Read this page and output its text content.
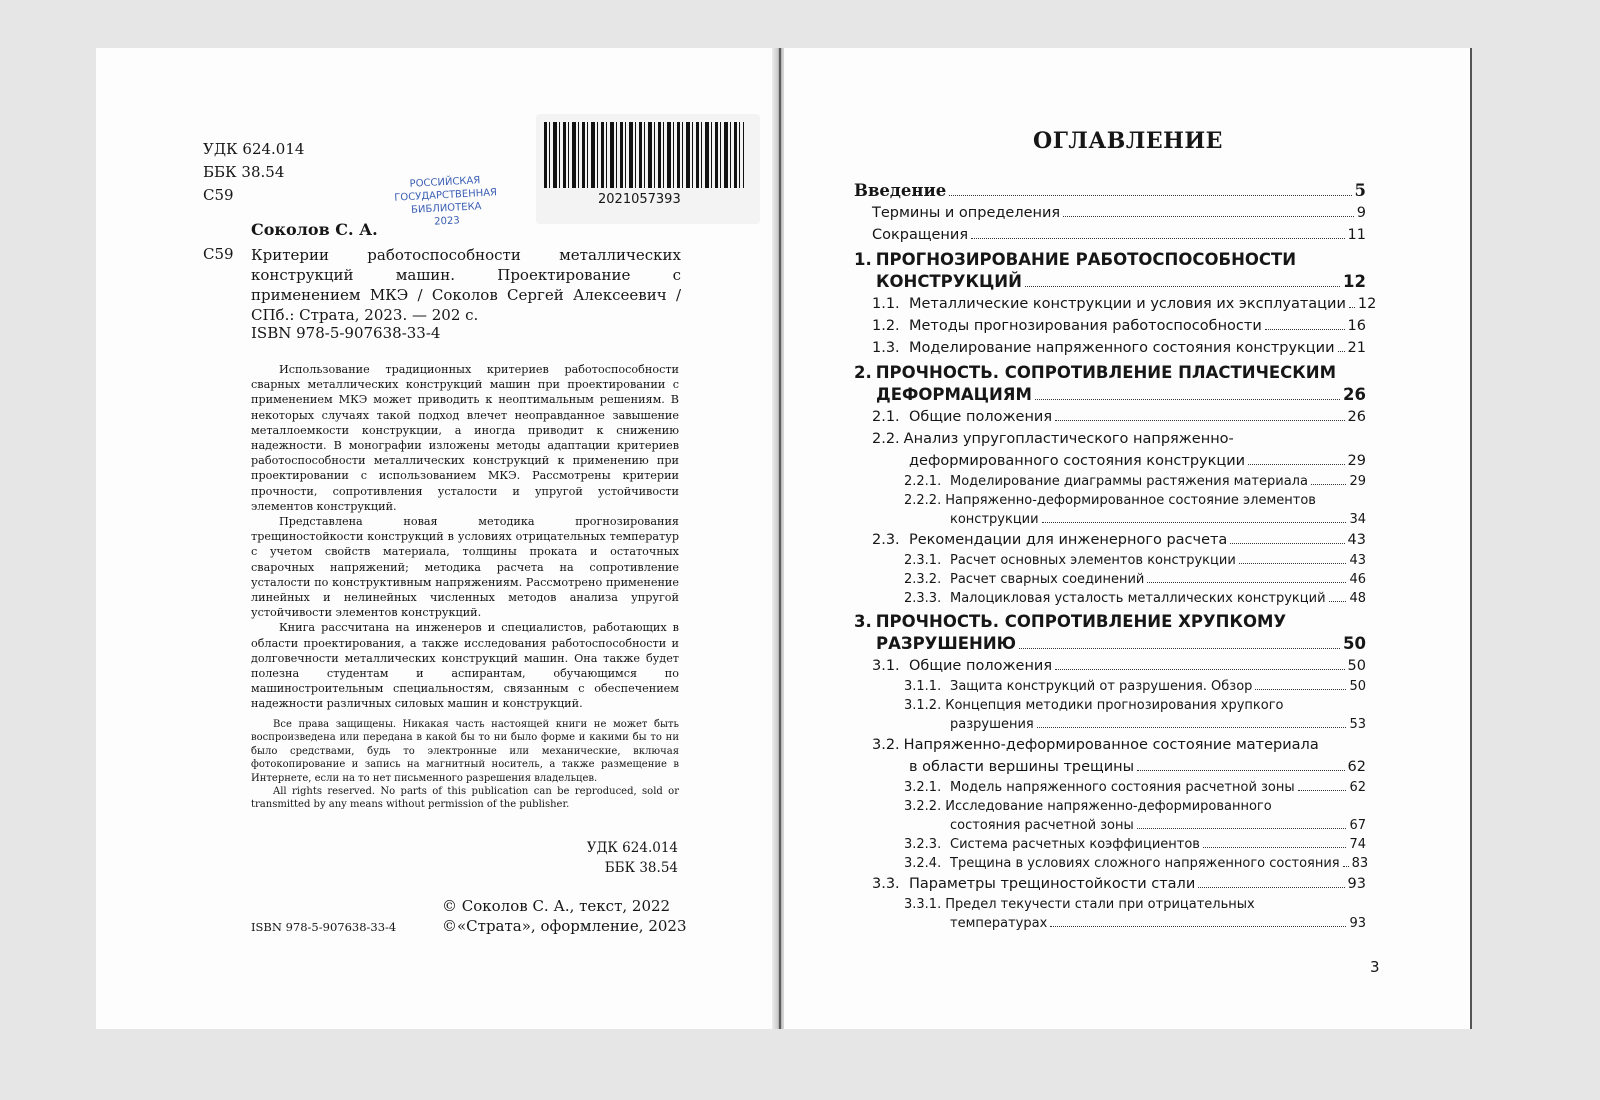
УДК 624.014
ББК 38.54
С59
РОССИЙСКАЯ
ГОСУДАРСТВЕННАЯ
БИБЛИОТЕКА
2023
2021057393
Соколов С. А.
С59 Критерии работоспособности металлических конструкций машин. Проектирование с применением МКЭ / Соколов Сергей Алексеевич / СПб.: Страта, 2023. — 202 с.
ISBN 978-5-907638-33-4

Использование традиционных критериев работоспособности сварных металлических конструкций машин при проектировании с применением МКЭ может приводить к неоптимальным решениям. В некоторых случаях такой подход влечет неоправданное завышение металлоемкости конструкции, а иногда приводит к снижению надежности. В монографии изложены методы адаптации критериев работоспособности металлических конструкций к применению при проектировании с использованием МКЭ. Рассмотрены критерии прочности, сопротивления усталости и упругой устойчивости элементов конструкций.

Представлена новая методика прогнозирования трещиностойкости конструкций в условиях отрицательных температур с учетом свойств материала, толщины проката и остаточных сварочных напряжений; методика расчета на сопротивление усталости по конструктивным напряжениям. Рассмотрено применение линейных и нелинейных численных методов анализа упругой устойчивости элементов конструкций.

Книга рассчитана на инженеров и специалистов, работающих в области проектирования, а также исследования работоспособности и долговечности металлических конструкций машин. Она также будет полезна студентам и аспирантам, обучающимся по машиностроительным специальностям, связанным с обеспечением надежности различных силовых машин и конструкций.

Все права защищены. Никакая часть настоящей книги не может быть воспроизведена или передана в какой бы то ни было форме и какими бы то ни было средствами, будь то электронные или механические, включая фотокопирование и запись на магнитный носитель, а также размещение в Интернете, если на то нет письменного разрешения владельцев.

All rights reserved. No parts of this publication can be reproduced, sold or transmitted by any means without permission of the publisher.

УДК 624.014
ББК 38.54
ISBN 978-5-907638-33-4
© Соколов С. А., текст, 2022
©«Страта», оформление, 2023
ОГЛАВЛЕНИЕ
Введение	5
Термины и определения	9
Сокращения	11
1. ПРОГНОЗИРОВАНИЕ РАБОТОСПОСОБНОСТИ
КОНСТРУКЦИЙ	12
1.1. Металлические конструкции и условия их эксплуатации 12
1.2. Методы прогнозирования работоспособности	16
1.3. Моделирование напряженного состояния конструкции 21
2. ПРОЧНОСТЬ. СОПРОТИВЛЕНИЕ ПЛАСТИЧЕСКИМ
ДЕФОРМАЦИЯМ	26
2.1. Общие положения	26
2.2. Анализ упругопластического напряженно-
деформированного состояния конструкции	29
2.2.1. Моделирование диаграммы растяжения материала	29
2.2.2. Напряженно-деформированное состояние элементов
конструкции	34
2.3. Рекомендации для инженерного расчета	43
2.3.1. Расчет основных элементов конструкции	43
2.3.2. Расчет сварных соединений	46
2.3.3. Малоцикловая усталость металлических конструкций 48
3. ПРОЧНОСТЬ. СОПРОТИВЛЕНИЕ ХРУПКОМУ
РАЗРУШЕНИЮ	50
3.1. Общие положения	50
3.1.1. Защита конструкций от разрушения. Обзор	50
3.1.2. Концепция методики прогнозирования хрупкого
разрушения	53
3.2. Напряженно-деформированное состояние материала
в области вершины трещины	62
3.2.1. Модель напряженного состояния расчетной зоны	62
3.2.2. Исследование напряженно-деформированного
состояния расчетной зоны	67
3.2.3. Система расчетных коэффициентов	74
3.2.4. Трещина в условиях сложного напряженного состояния 83
3.3. Параметры трещиностойкости стали	93
3.3.1. Предел текучести стали при отрицательных
температурах	93
3
